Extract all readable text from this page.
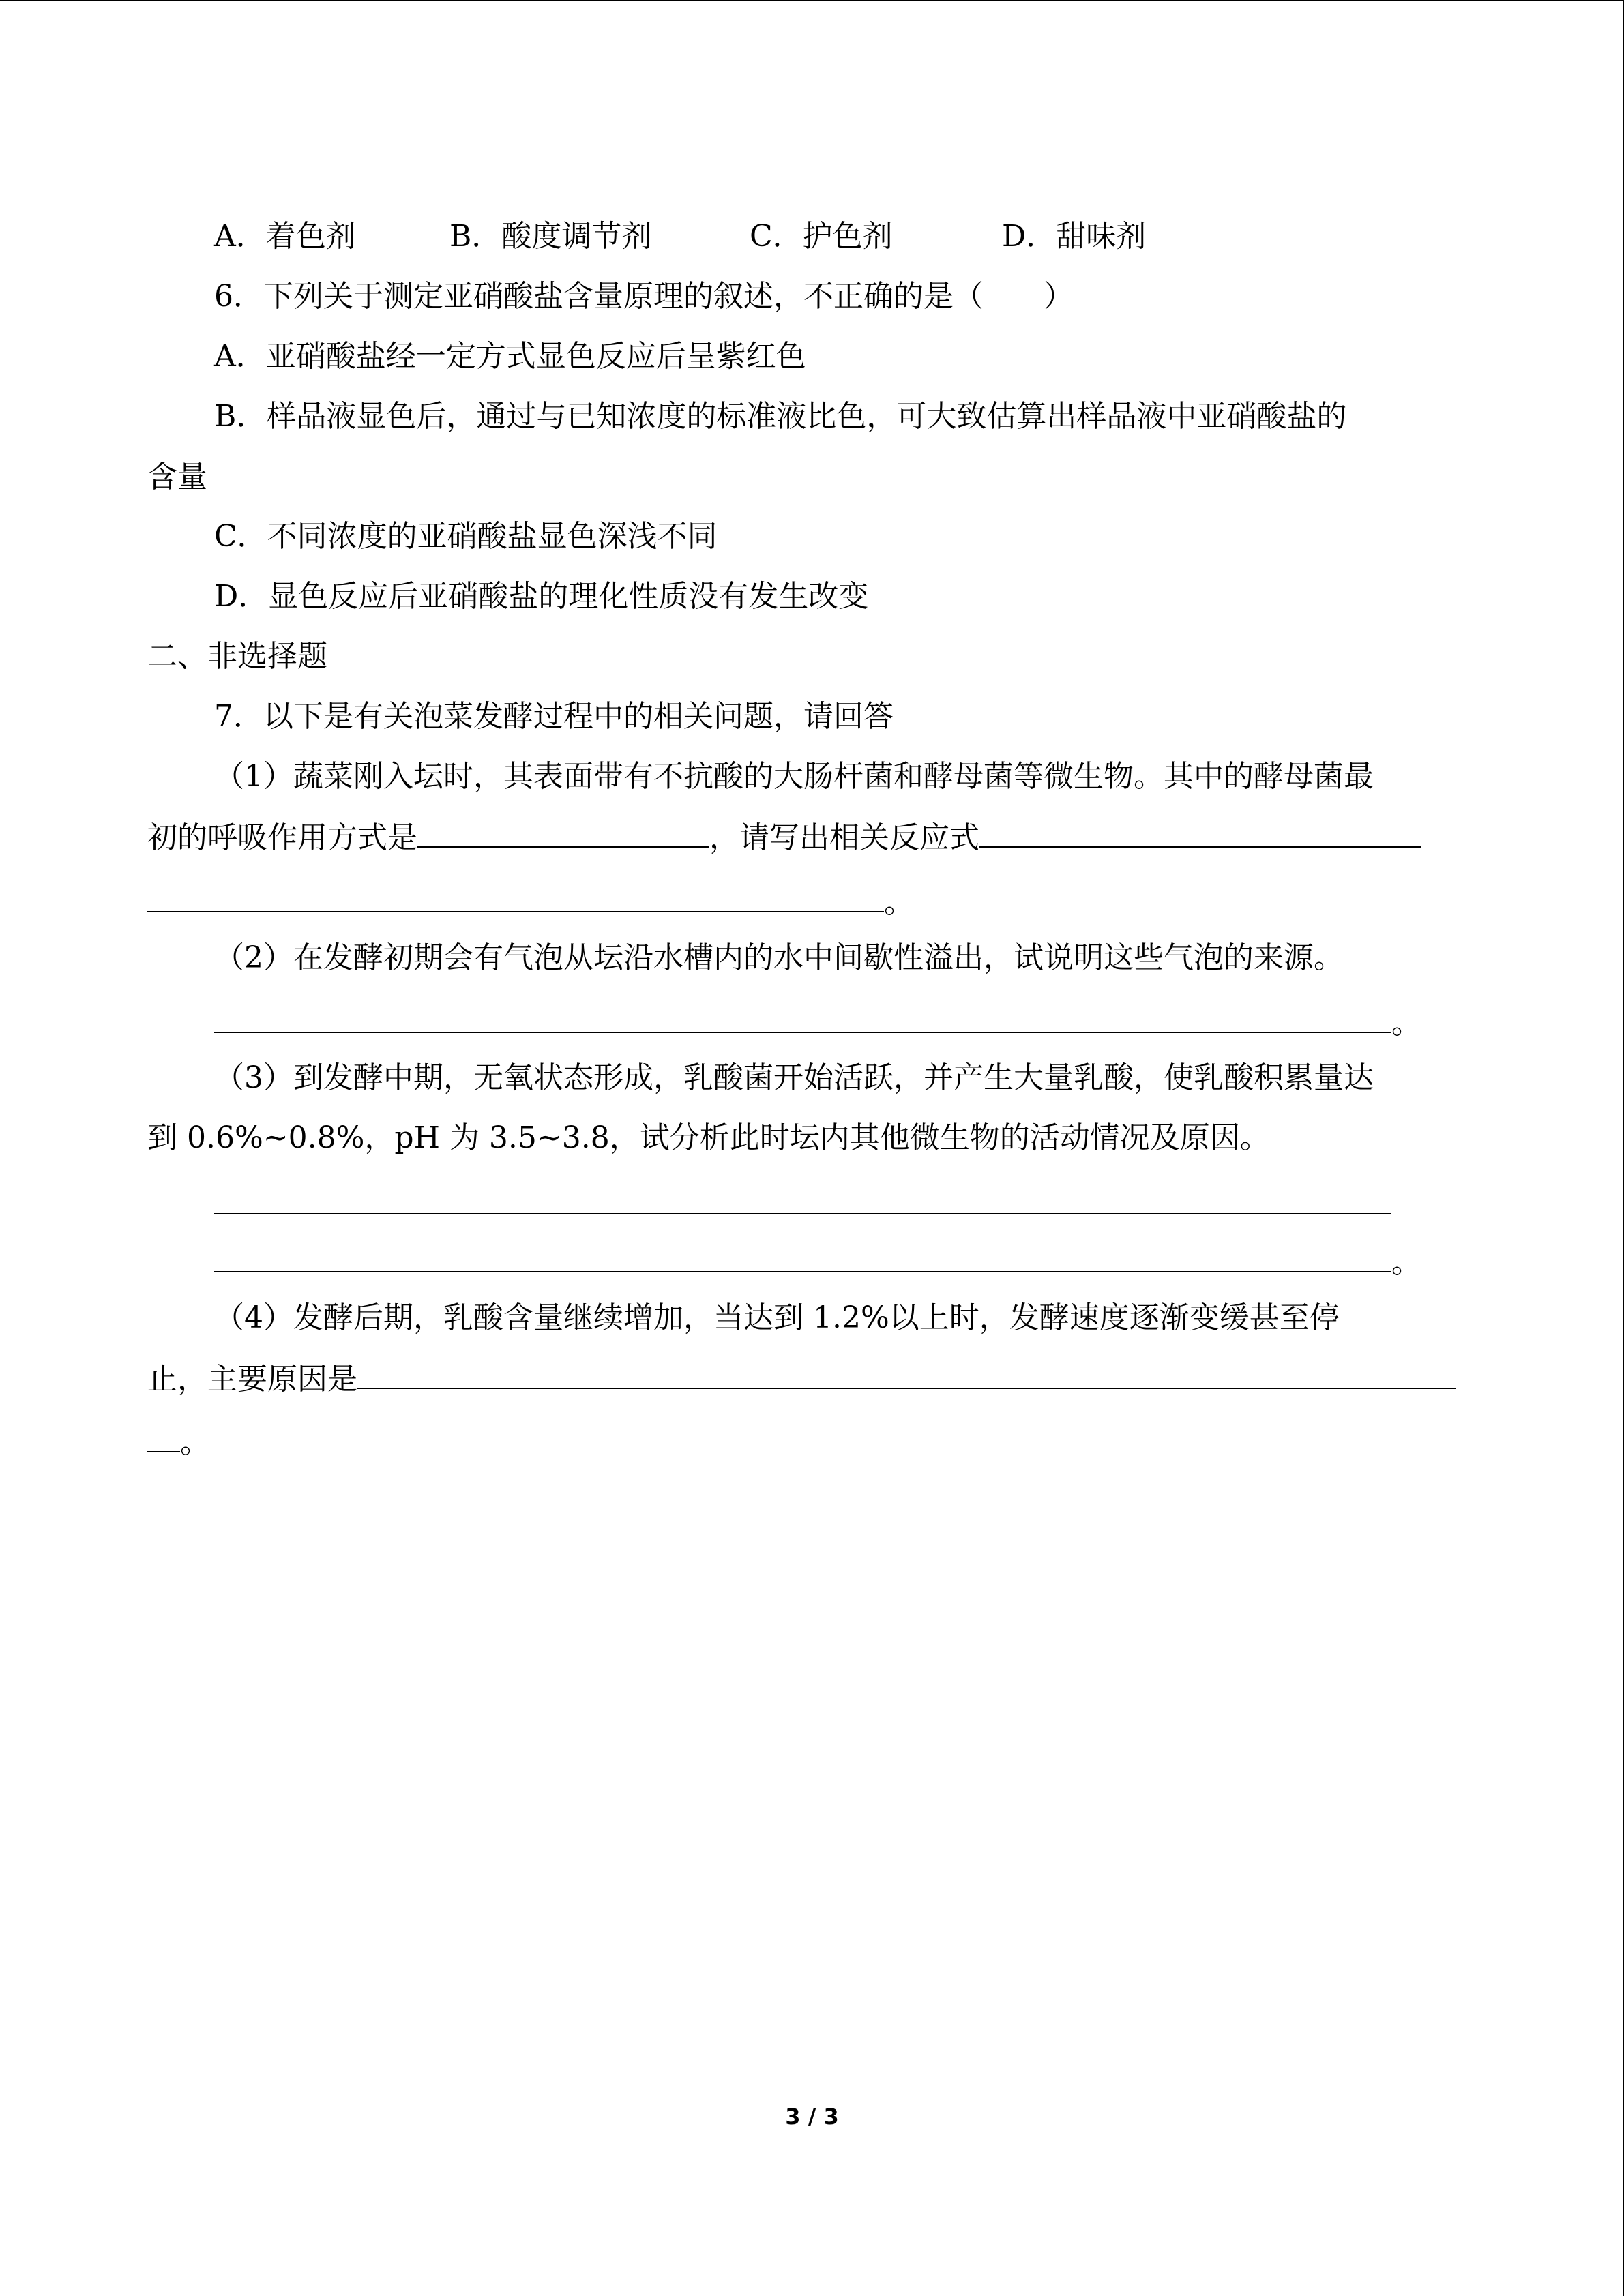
A．着色剂	B．酸度调节剂	C．护色剂	D．甜味剂
6．下列关于测定亚硝酸盐含量原理的叙述，不正确的是（　　）
A．亚硝酸盐经一定方式显色反应后呈紫红色
B．样品液显色后，通过与已知浓度的标准液比色，可大致估算出样品液中亚硝酸盐的
含量
C．不同浓度的亚硝酸盐显色深浅不同
D．显色反应后亚硝酸盐的理化性质没有发生改变
二、非选择题
7．以下是有关泡菜发酵过程中的相关问题，请回答
（1）蔬菜刚入坛时，其表面带有不抗酸的大肠杆菌和酵母菌等微生物。其中的酵母菌最
初的呼吸作用方式是	，请写出相关反应式
。
（2）在发酵初期会有气泡从坛沿水槽内的水中间歇性溢出，试说明这些气泡的来源。
。
（3）到发酵中期，无氧状态形成，乳酸菌开始活跃，并产生大量乳酸，使乳酸积累量达
到 0.6%~0.8%，pH 为 3.5~3.8，试分析此时坛内其他微生物的活动情况及原因。
。
（4）发酵后期，乳酸含量继续增加，当达到 1.2%以上时，发酵速度逐渐变缓甚至停
止，主要原因是
。
3 / 3
